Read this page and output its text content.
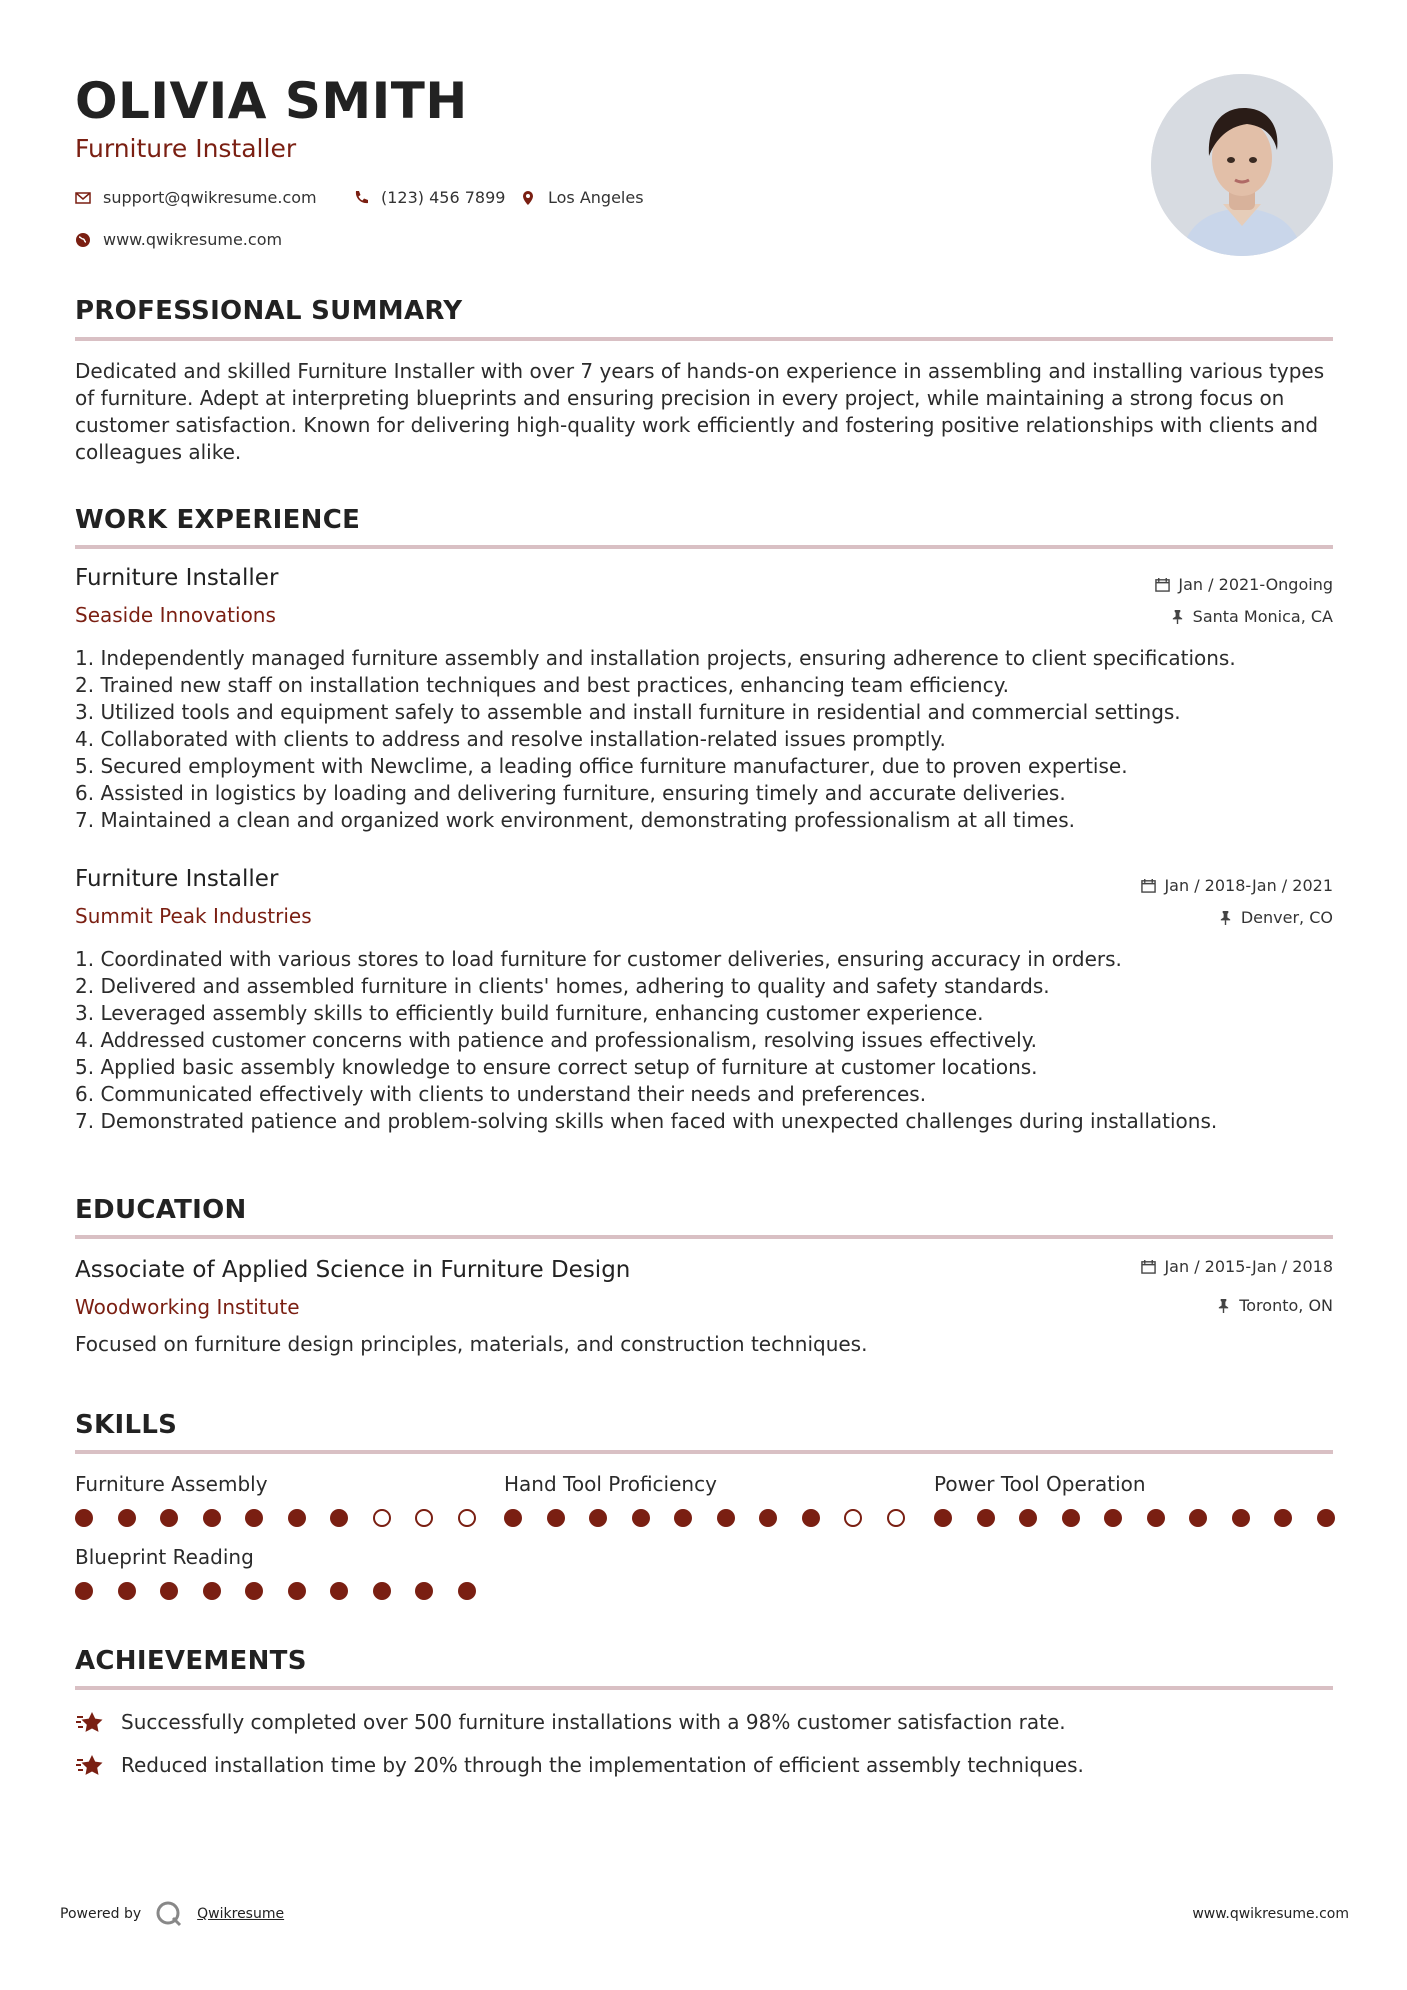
OLIVIA SMITH
Furniture Installer
support@qwikresume.com	(123) 456 7899	Los Angeles
www.qwikresume.com
PROFESSIONAL SUMMARY
Dedicated and skilled Furniture Installer with over 7 years of hands-on experience in assembling and installing various types of furniture. Adept at interpreting blueprints and ensuring precision in every project, while maintaining a strong focus on customer satisfaction. Known for delivering high-quality work efficiently and fostering positive relationships with clients and colleagues alike.
WORK EXPERIENCE
Furniture Installer	Jan / 2021-Ongoing
Seaside Innovations	Santa Monica, CA
1. Independently managed furniture assembly and installation projects, ensuring adherence to client specifications.
2. Trained new staff on installation techniques and best practices, enhancing team efficiency.
3. Utilized tools and equipment safely to assemble and install furniture in residential and commercial settings.
4. Collaborated with clients to address and resolve installation-related issues promptly.
5. Secured employment with Newclime, a leading office furniture manufacturer, due to proven expertise.
6. Assisted in logistics by loading and delivering furniture, ensuring timely and accurate deliveries.
7. Maintained a clean and organized work environment, demonstrating professionalism at all times.
Furniture Installer	Jan / 2018-Jan / 2021
Summit Peak Industries	Denver, CO
1. Coordinated with various stores to load furniture for customer deliveries, ensuring accuracy in orders.
2. Delivered and assembled furniture in clients' homes, adhering to quality and safety standards.
3. Leveraged assembly skills to efficiently build furniture, enhancing customer experience.
4. Addressed customer concerns with patience and professionalism, resolving issues effectively.
5. Applied basic assembly knowledge to ensure correct setup of furniture at customer locations.
6. Communicated effectively with clients to understand their needs and preferences.
7. Demonstrated patience and problem-solving skills when faced with unexpected challenges during installations.
EDUCATION
Associate of Applied Science in Furniture Design	Jan / 2015-Jan / 2018
Woodworking Institute	Toronto, ON
Focused on furniture design principles, materials, and construction techniques.
SKILLS
Furniture Assembly	Hand Tool Proficiency	Power Tool Operation
Blueprint Reading
ACHIEVEMENTS
Successfully completed over 500 furniture installations with a 98% customer satisfaction rate.
Reduced installation time by 20% through the implementation of efficient assembly techniques.
Powered by	Qwikresume	www.qwikresume.com
